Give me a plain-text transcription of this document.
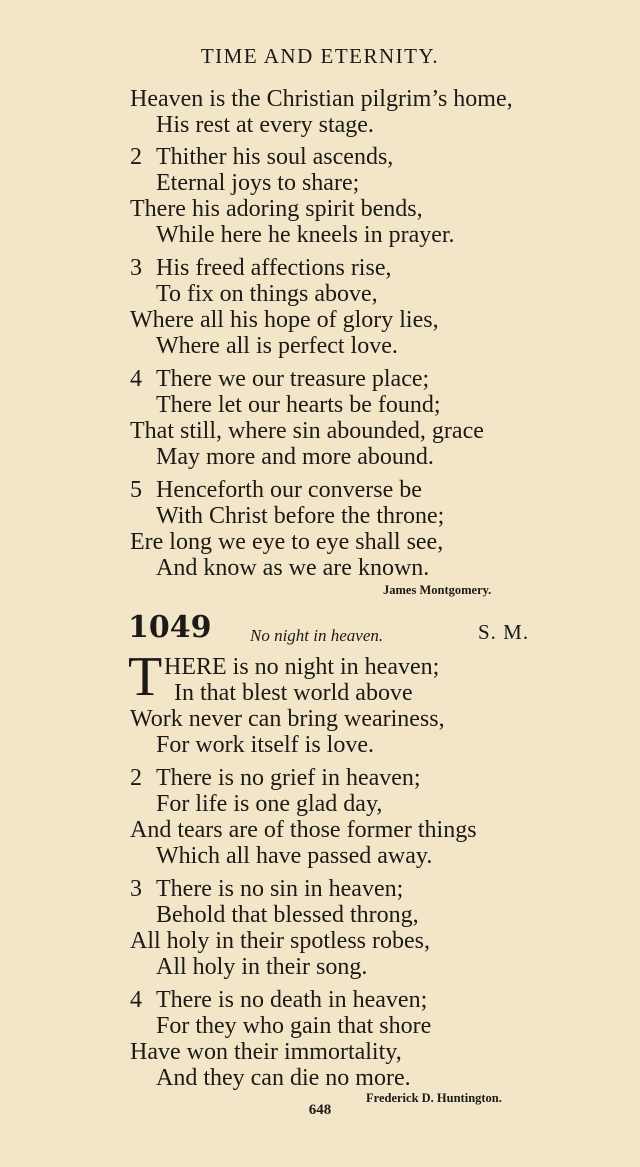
TIME AND ETERNITY.
Heaven is the Christian pilgrim’s home,
His rest at every stage.
2 Thither his soul ascends,
Eternal joys to share;
There his adoring spirit bends,
While here he kneels in prayer.
3 His freed affections rise,
To fix on things above,
Where all his hope of glory lies,
Where all is perfect love.
4 There we our treasure place;
There let our hearts be found;
That still, where sin abounded, grace
May more and more abound.
5 Henceforth our converse be
With Christ before the throne;
Ere long we eye to eye shall see,
And know as we are known.
James Montgomery.
1049 No night in heaven.	S. M.
T HERE is no night in heaven;
In that blest world above
Work never can bring weariness,
For work itself is love.
2 There is no grief in heaven;
For life is one glad day,
And tears are of those former things
Which all have passed away.
3 There is no sin in heaven;
Behold that blessed throng,
All holy in their spotless robes,
All holy in their song.
4 There is no death in heaven;
For they who gain that shore
Have won their immortality,
And they can die no more.
Frederick D. Huntington.
648
